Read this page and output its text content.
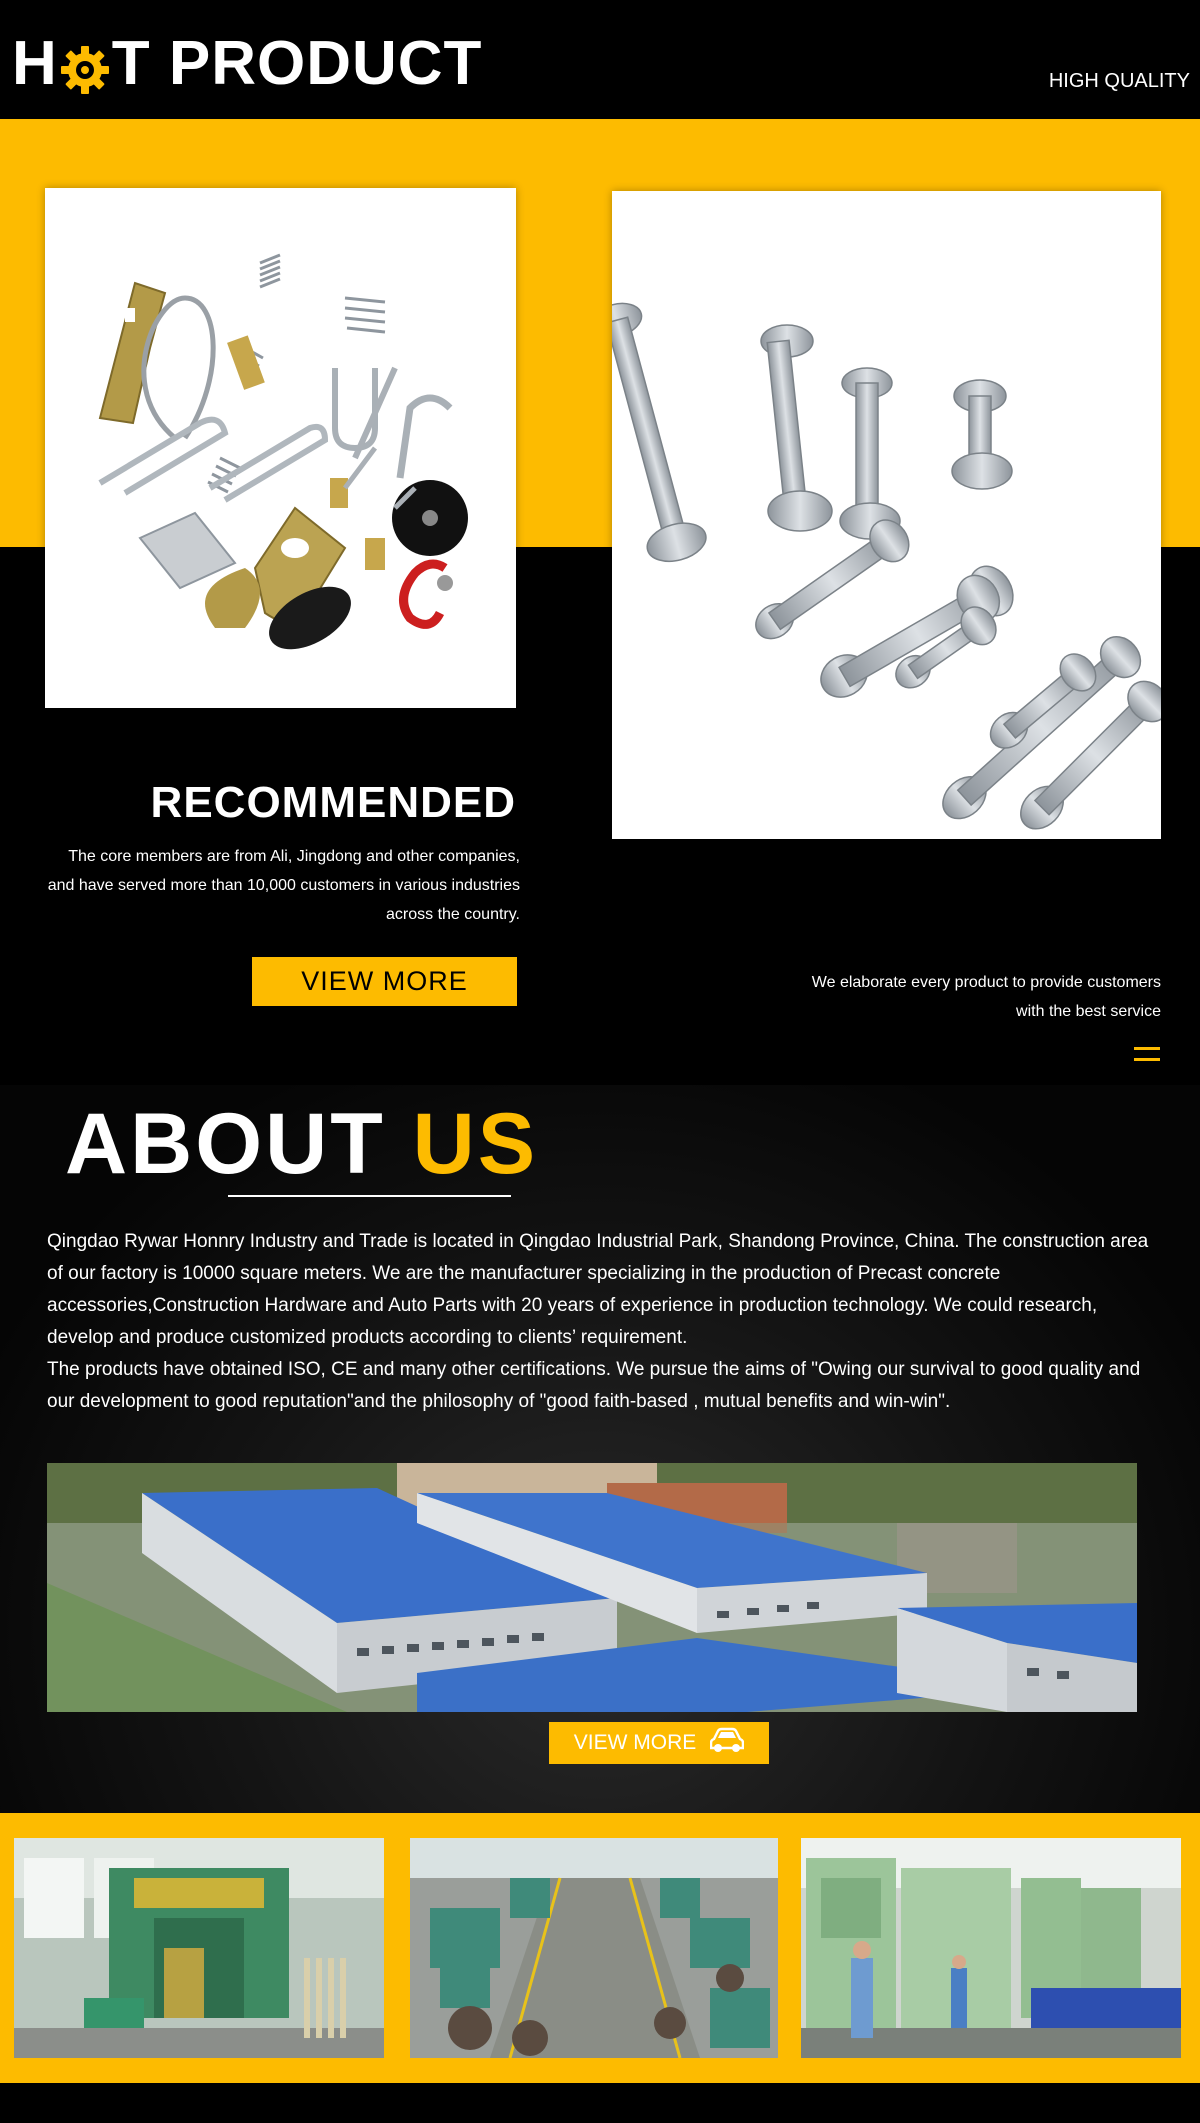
H T PRODUCT	HIGH QUALITY
RECOMMENDED
The core members are from Ali, Jingdong and other companies, and have served more than 10,000 customers in various industries across the country.
VIEW MORE	We elaborate every product to provide customers with the best service
ABOUT US

Qingdao Rywar Honnry Industry and Trade is located in Qingdao Industrial Park, Shandong Province, China. The construction area of our factory is 10000 square meters. We are the manufacturer specializing in the production of Precast concrete accessories,Construction Hardware and Auto Parts with 20 years of experience in production technology. We could research, develop and produce customized products according to clients’ requirement.

The products have obtained ISO, CE and many other certifications. We pursue the aims of "Owing our survival to good quality and our development to good reputation"and the philosophy of "good faith-based , mutual benefits and win-win".

VIEW MORE
